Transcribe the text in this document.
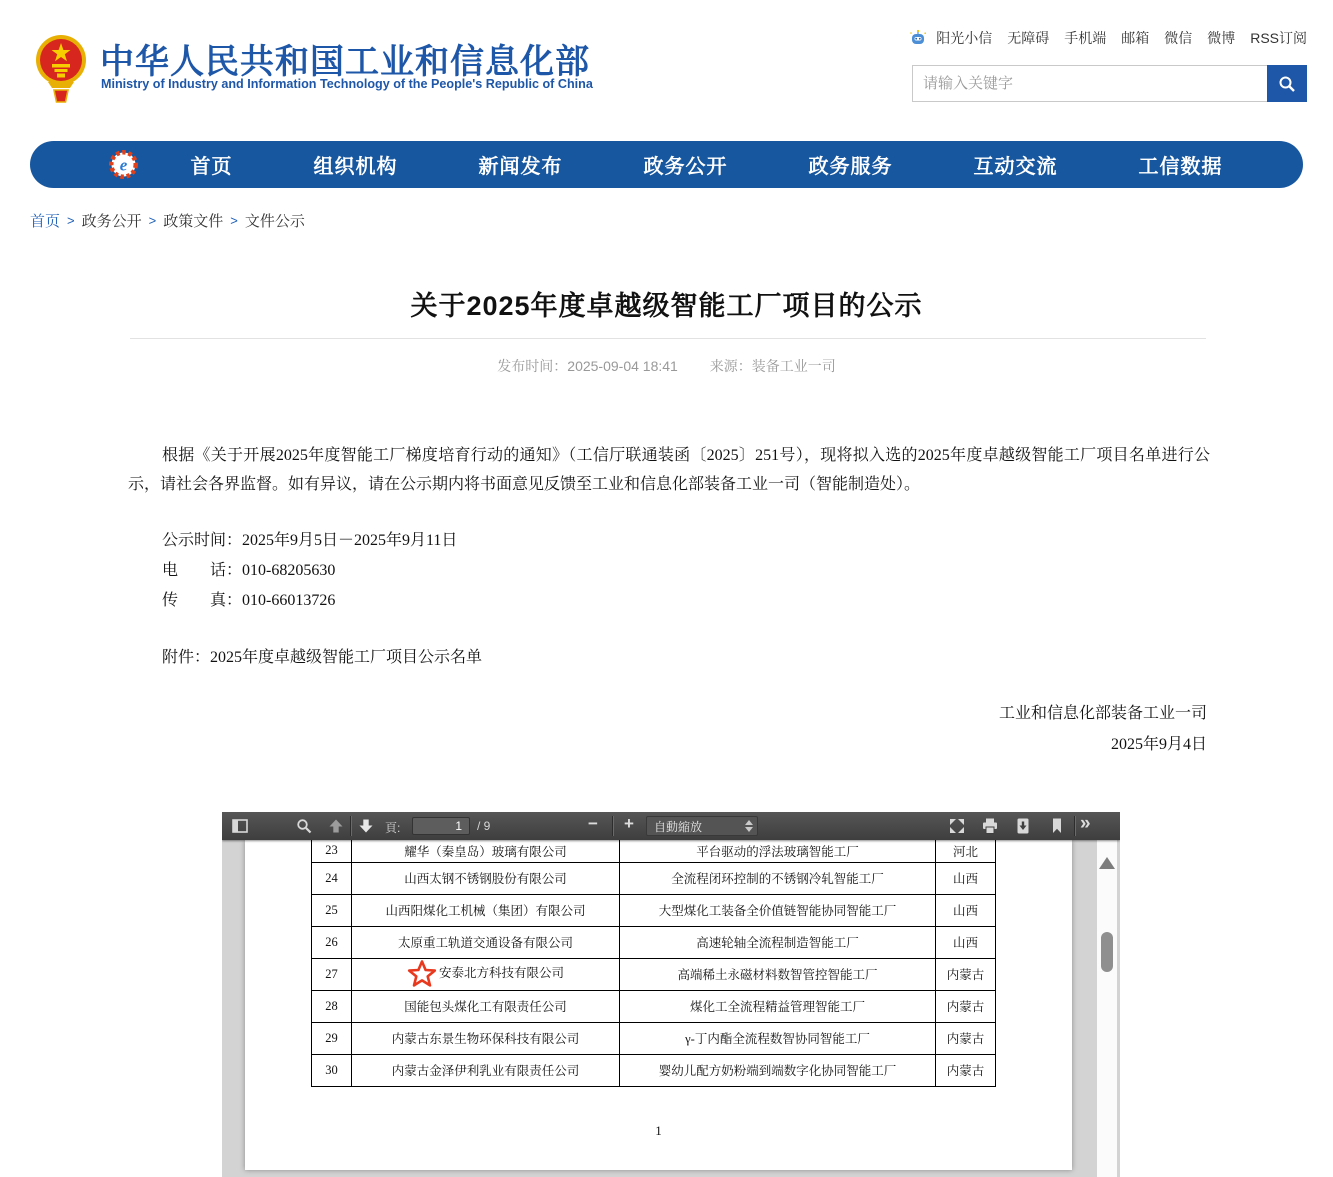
中华人民共和国工业和信息化部
Ministry of Industry and Information Technology of the People's Republic of China
阳光小信 无障碍 手机端 邮箱 微信 微博 RSS订阅
请输入关键字
e	首页	组织机构	新闻发布	政务公开	政务服务	互动交流	工信数据
首页 > 政务公开 > 政策文件 > 文件公示
关于2025年度卓越级智能工厂项目的公示
发布时间：2025-09-04 18:41 来源：装备工业一司
根据《关于开展2025年度智能工厂梯度培育行动的通知》（工信厅联通装函〔2025〕251号），现将拟入选的2025年度卓越级智能工厂项目名单进行公示，请社会各界监督。如有异议，请在公示期内将书面意见反馈至工业和信息化部装备工业一司（智能制造处）。
公示时间：2025年9月5日－2025年9月11日
电　　话：010-68205630
传　　真：010-66013726
附件：2025年度卓越级智能工厂项目公示名单
工业和信息化部装备工业一司
2025年9月4日
頁:
1	/ 9	−	+	自動縮放	»
23	耀华（秦皇岛）玻璃有限公司	平台驱动的浮法玻璃智能工厂	河北
24	山西太钢不锈钢股份有限公司	全流程闭环控制的不锈钢冷轧智能工厂	山西
25	山西阳煤化工机械（集团）有限公司	大型煤化工装备全价值链智能协同智能工厂	山西
26	太原重工轨道交通设备有限公司	高速轮轴全流程制造智能工厂	山西
27	安泰北方科技有限公司	高端稀土永磁材料数智管控智能工厂	内蒙古
28	国能包头煤化工有限责任公司	煤化工全流程精益管理智能工厂	内蒙古
29	内蒙古东景生物环保科技有限公司	γ-丁内酯全流程数智协同智能工厂	内蒙古
30	内蒙古金泽伊利乳业有限责任公司	婴幼儿配方奶粉端到端数字化协同智能工厂	内蒙古
1
